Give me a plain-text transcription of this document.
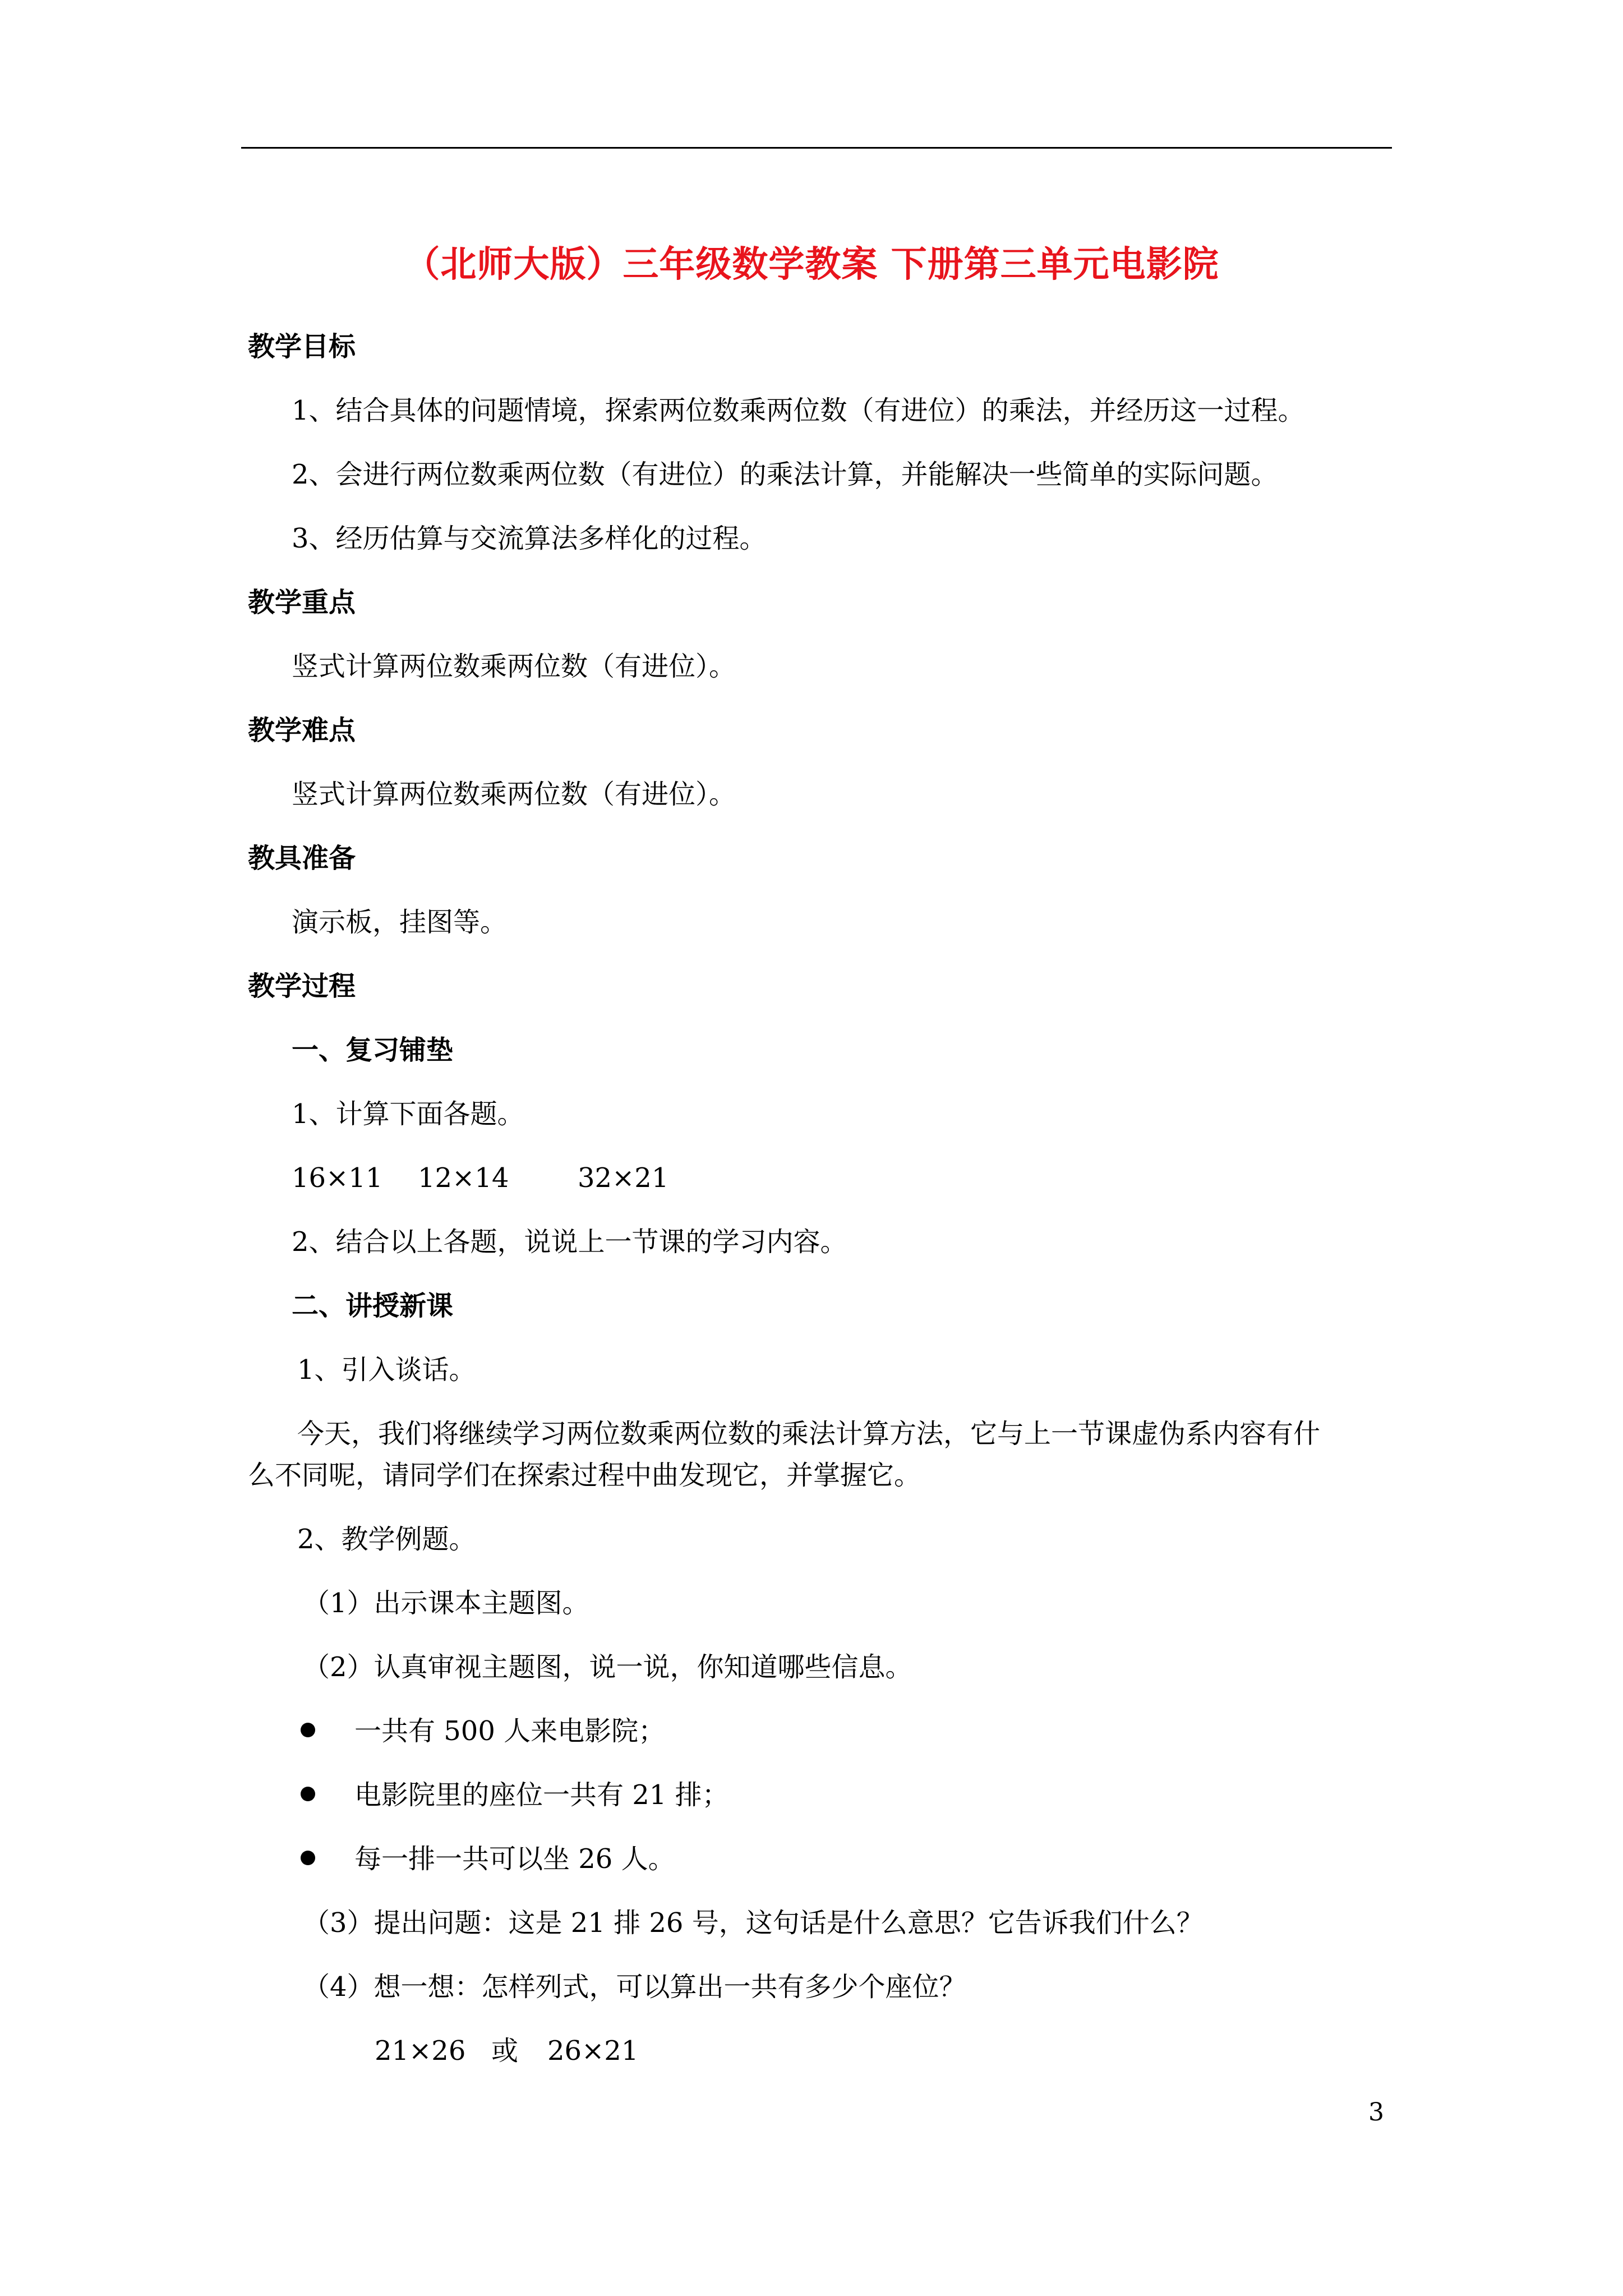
（北师大版）三年级数学教案 下册第三单元电影院
教学目标
1、结合具体的问题情境，探索两位数乘两位数（有进位）的乘法，并经历这一过程。
2、会进行两位数乘两位数（有进位）的乘法计算，并能解决一些简单的实际问题。
3、经历估算与交流算法多样化的过程。
教学重点
竖式计算两位数乘两位数（有进位）。
教学难点
竖式计算两位数乘两位数（有进位）。
教具准备
演示板，挂图等。
教学过程
一、复习铺垫
1、计算下面各题。
16×11 12×14	32×21
2、结合以上各题，说说上一节课的学习内容。
二、讲授新课
1、引入谈话。
今天，我们将继续学习两位数乘两位数的乘法计算方法，它与上一节课虚伪系内容有什
么不同呢，请同学们在探索过程中曲发现它，并掌握它。
2、教学例题。
（1）出示课本主题图。
（2）认真审视主题图，说一说，你知道哪些信息。
一共有 500 人来电影院；
电影院里的座位一共有 21 排；
每一排一共可以坐 26 人。
（3）提出问题：这是 21 排 26 号，这句话是什么意思？它告诉我们什么？
（4）想一想：怎样列式，可以算出一共有多少个座位？
21×26 或 26×21
3
